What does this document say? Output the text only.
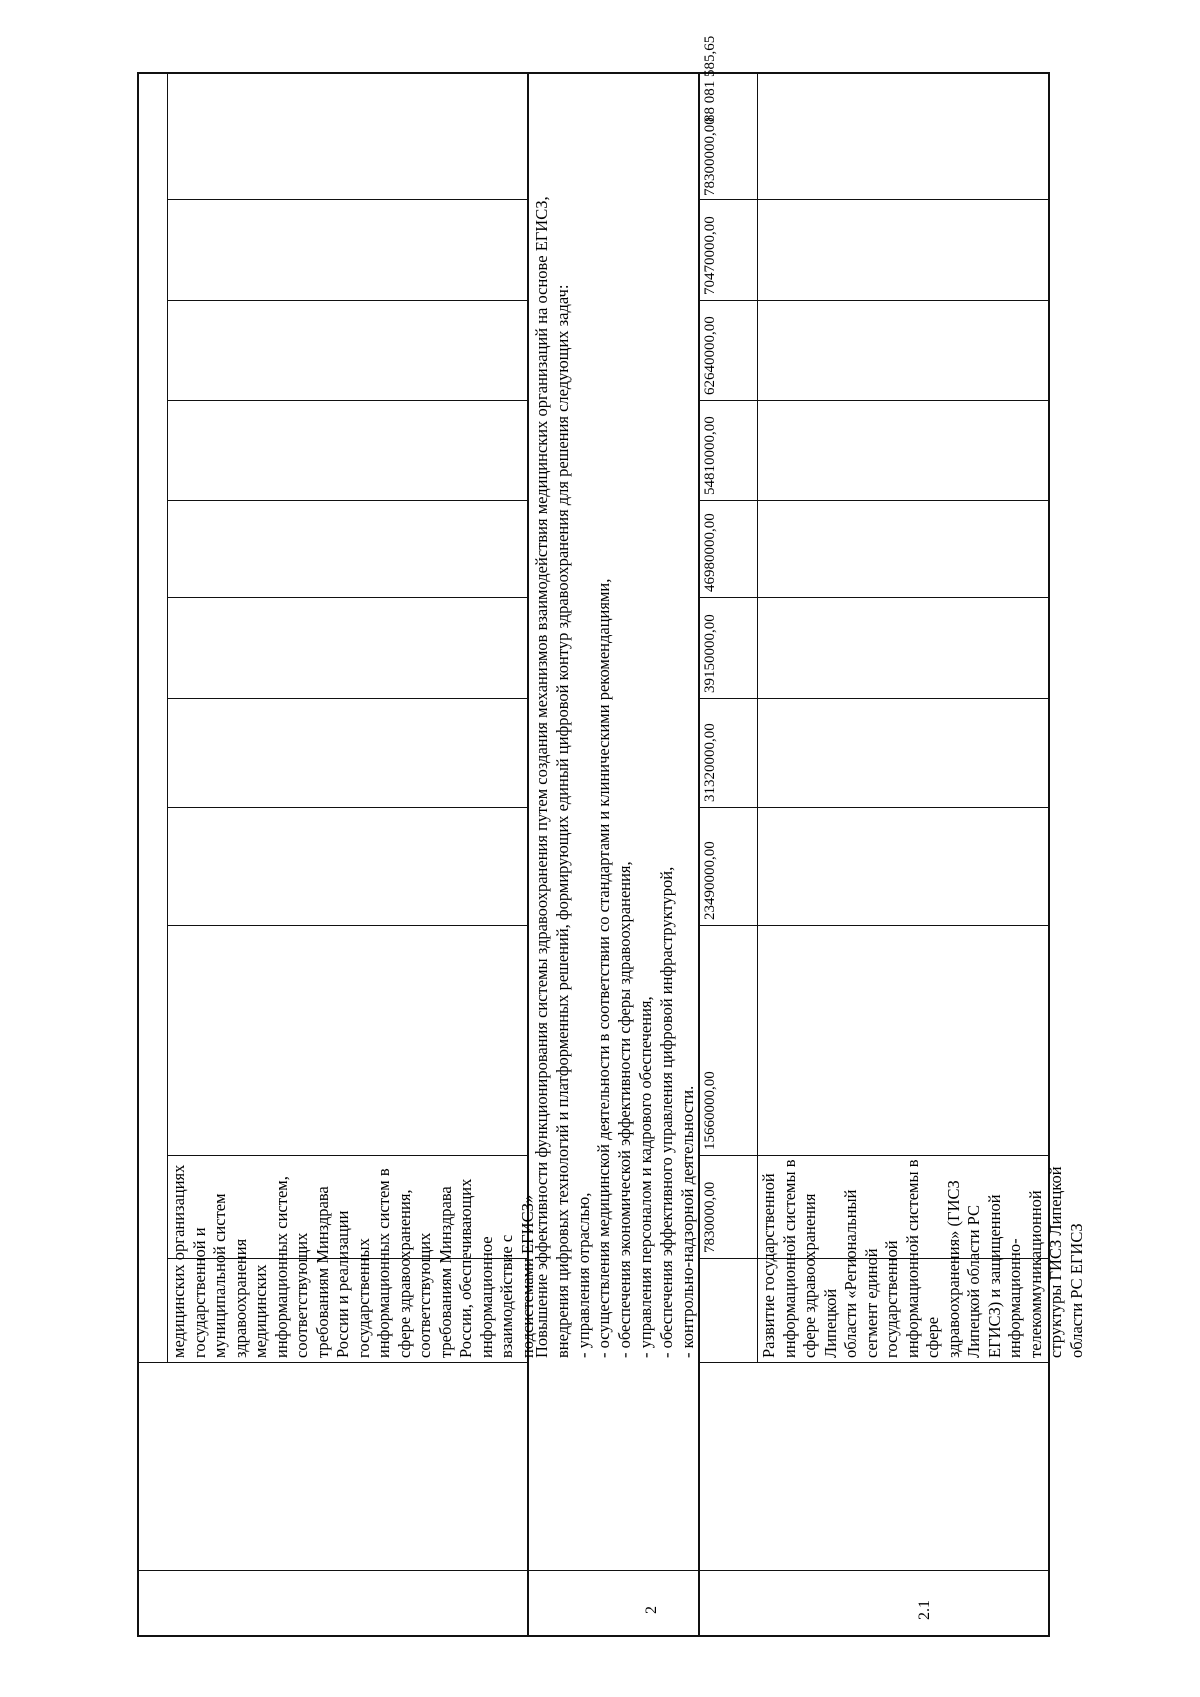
медицинских организациях государственной и муниципальной систем здравоохранения медицинских информационных систем, соответствующих требованиям Минздрава России и реализации государственных информационных систем в сфере здравоохранения, соответствующих требованиям Минздрава России, обеспечивающих информационное взаимодействие с подсистемами ЕГИСЗ»
2
Повышение эффективности функционирования системы здравоохранения путем создания механизмов взаимодействия медицинских организаций на основе ЕГИСЗ, внедрения цифровых технологий и платформенных решений, формирующих единый цифровой контур здравоохранения для решения следующих задач: - управления отраслью, - осуществления медицинской деятельности в соответствии со стандартами и клиническими рекомендациями, - обеспечения экономической эффективности сферы здравоохранения, - управления персоналом и кадрового обеспечения, - обеспечения эффективного управления цифровой инфраструктурой, - контрольно-надзорной деятельности.
2.1
Развитие государственной информационной системы в сфере здравоохранения Липецкой области «Региональный сегмент единой государственной информационной системы в сфере здравоохранения» (ГИСЗ Липецкой области РС ЕГИСЗ) и защищенной информационно- телекоммуникационной структуры ГИСЗ Липецкой области РС ЕГИСЗ
7830000,00
15660000,00
23490000,00
31320000,00
39150000,00
46980000,00
54810000,00
62640000,00
70470000,00
78300000,00
88 081 585,65
